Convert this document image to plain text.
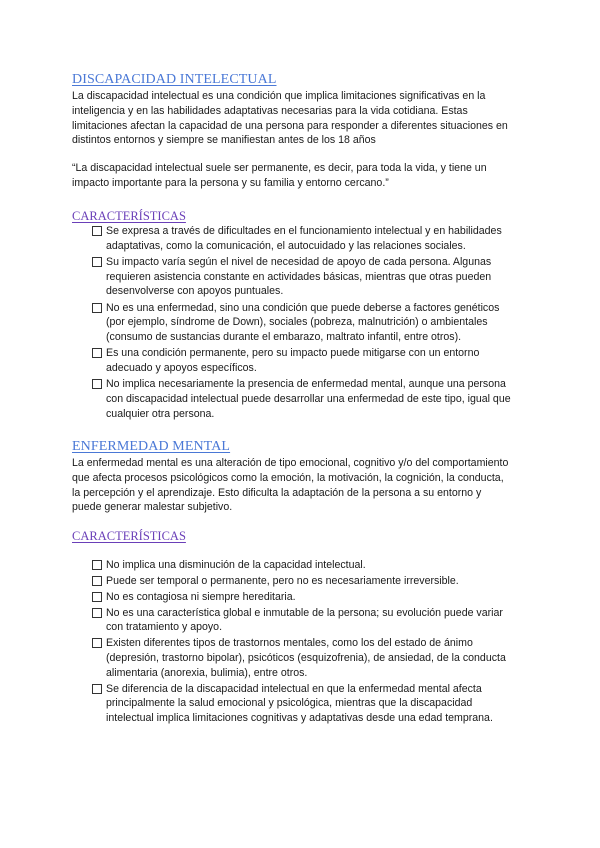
DISCAPACIDAD INTELECTUAL

La discapacidad intelectual es una condición que implica limitaciones significativas en la inteligencia y en las habilidades adaptativas necesarias para la vida cotidiana. Estas limitaciones afectan la capacidad de una persona para responder a diferentes situaciones en distintos entornos y siempre se manifiestan antes de los 18 años

“La discapacidad intelectual suele ser permanente, es decir, para toda la vida, y tiene un impacto importante para la persona y su familia y entorno cercano.”

CARACTERÍSTICAS
Se expresa a través de dificultades en el funcionamiento intelectual y en habilidades adaptativas, como la comunicación, el autocuidado y las relaciones sociales.
Su impacto varía según el nivel de necesidad de apoyo de cada persona. Algunas requieren asistencia constante en actividades básicas, mientras que otras pueden desenvolverse con apoyos puntuales.
No es una enfermedad, sino una condición que puede deberse a factores genéticos (por ejemplo, síndrome de Down), sociales (pobreza, malnutrición) o ambientales (consumo de sustancias durante el embarazo, maltrato infantil, entre otros).
Es una condición permanente, pero su impacto puede mitigarse con un entorno adecuado y apoyos específicos.
No implica necesariamente la presencia de enfermedad mental, aunque una persona con discapacidad intelectual puede desarrollar una enfermedad de este tipo, igual que cualquier otra persona.
ENFERMEDAD MENTAL

La enfermedad mental es una alteración de tipo emocional, cognitivo y/o del comportamiento que afecta procesos psicológicos como la emoción, la motivación, la cognición, la conducta, la percepción y el aprendizaje. Esto dificulta la adaptación de la persona a su entorno y puede generar malestar subjetivo.

CARACTERÍSTICAS
No implica una disminución de la capacidad intelectual.
Puede ser temporal o permanente, pero no es necesariamente irreversible.
No es contagiosa ni siempre hereditaria.
No es una característica global e inmutable de la persona; su evolución puede variar con tratamiento y apoyo.
Existen diferentes tipos de trastornos mentales, como los del estado de ánimo (depresión, trastorno bipolar), psicóticos (esquizofrenia), de ansiedad, de la conducta alimentaria (anorexia, bulimia), entre otros.
Se diferencia de la discapacidad intelectual en que la enfermedad mental afecta principalmente la salud emocional y psicológica, mientras que la discapacidad intelectual implica limitaciones cognitivas y adaptativas desde una edad temprana.
